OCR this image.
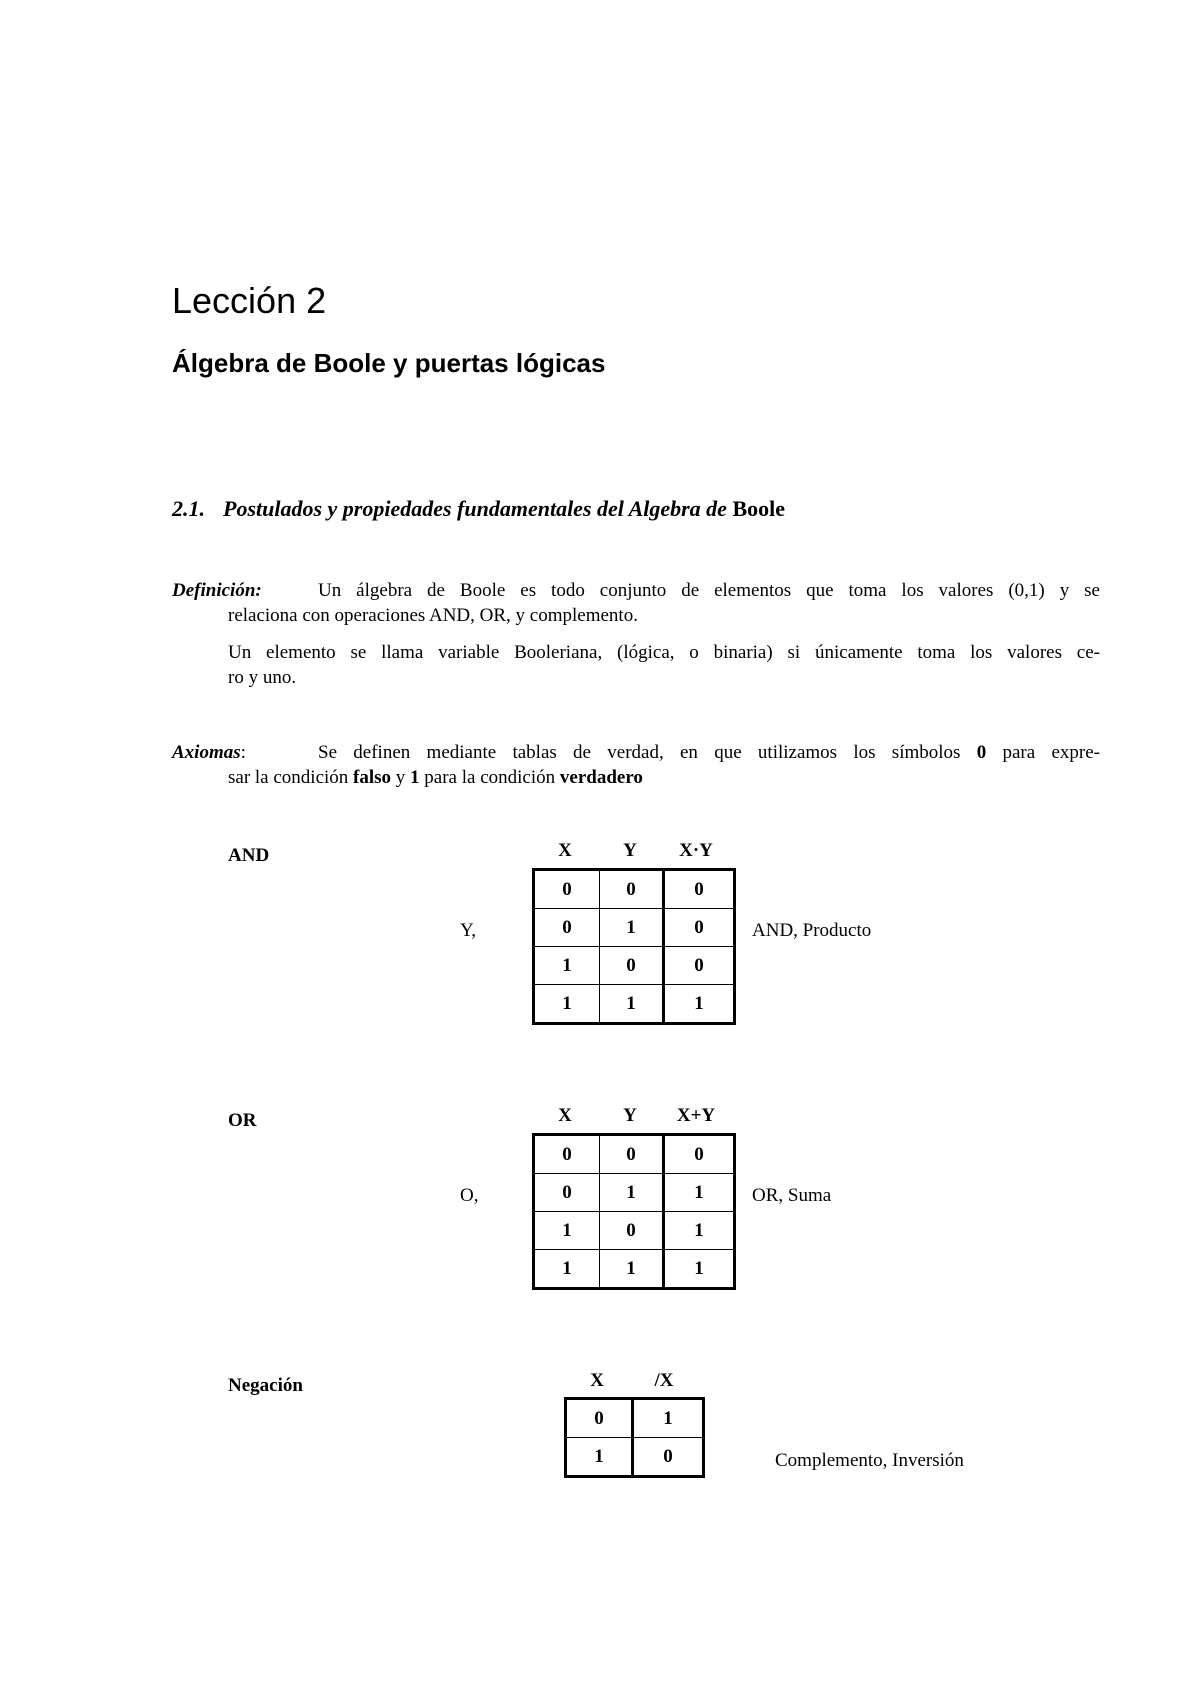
Lección 2
Álgebra de Boole y puertas lógicas
2.1. Postulados y propiedades fundamentales del Algebra de Boole
Definición:	Un álgebra de Boole es todo conjunto de elementos que toma los valores (0,1) y se
relaciona con operaciones AND, OR, y complemento.
Un elemento se llama variable Booleriana, (lógica, o binaria) si únicamente toma los valores ce-
ro y uno.
Axiomas:	Se definen mediante tablas de verdad, en que utilizamos los símbolos 0 para expre-
sar la condición falso y 1 para la condición verdadero
AND	X	Y	X·Y
Y,	AND, Producto
0	0	0
0	1	0
1	0	0
1	1	1
OR	X	Y	X+Y
O,	OR, Suma
0	0	0
0	1	1
1	0	1
1	1	1
Negación	X	/X
Complemento, Inversión
0	1
1	0
